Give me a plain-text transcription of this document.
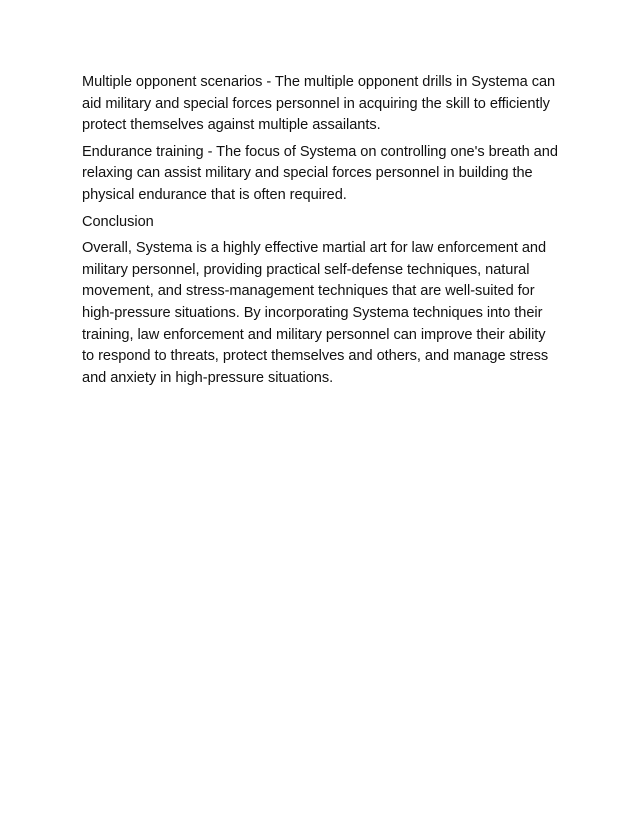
Multiple opponent scenarios - The multiple opponent drills in Systema can
aid military and special forces personnel in acquiring the skill to efficiently
protect themselves against multiple assailants.

Endurance training - The focus of Systema on controlling one's breath and
relaxing can assist military and special forces personnel in building the
physical endurance that is often required.

Conclusion

Overall, Systema is a highly effective martial art for law enforcement and
military personnel, providing practical self-defense techniques, natural
movement, and stress-management techniques that are well-suited for
high-pressure situations. By incorporating Systema techniques into their
training, law enforcement and military personnel can improve their ability
to respond to threats, protect themselves and others, and manage stress
and anxiety in high-pressure situations.
